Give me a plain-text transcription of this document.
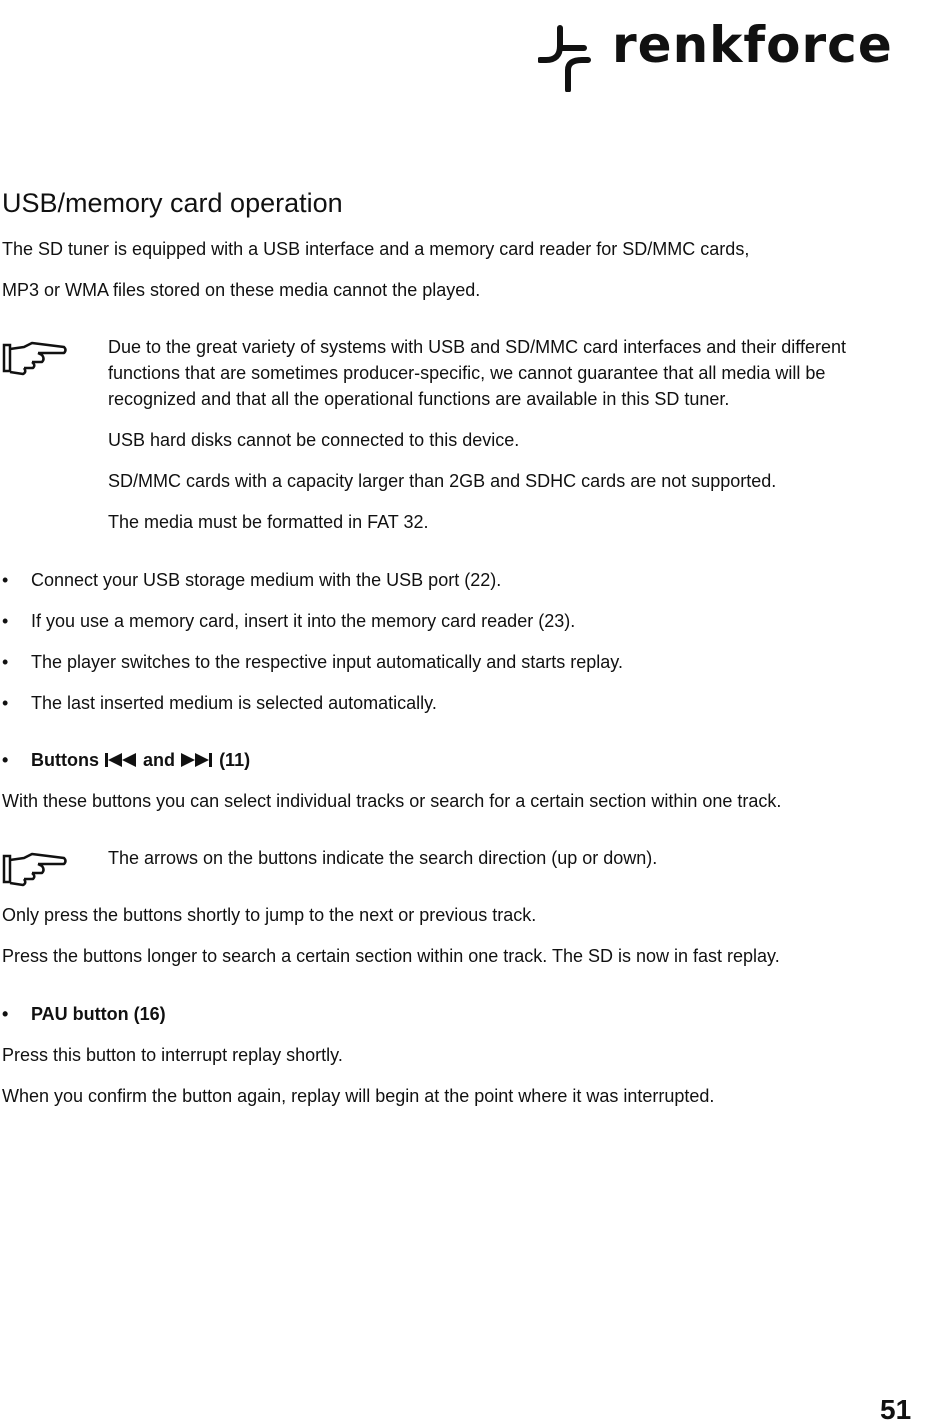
renkforce
USB/memory card operation
The SD tuner is equipped with a USB interface and a memory card reader for SD/MMC cards,
MP3 or WMA files stored on these media cannot the played.
Due to the great variety of systems with USB and SD/MMC card interfaces and their different functions that are sometimes producer-specific, we cannot guarantee that all media will be recognized and that all the operational functions are available in this SD tuner.
USB hard disks cannot be connected to this device.
SD/MMC cards with a capacity larger than 2GB and SDHC cards are not supported.
The media must be formatted in FAT 32.
• Connect your USB storage medium with the USB port (22).
• If you use a memory card, insert it into the memory card reader (23).
• The player switches to the respective input automatically and starts replay.
• The last inserted medium is selected automatically.
• Buttons and (11)
With these buttons you can select individual tracks or search for a certain section within one track.
The arrows on the buttons indicate the search direction (up or down).
Only press the buttons shortly to jump to the next or previous track.
Press the buttons longer to search a certain section within one track. The SD is now in fast replay.
• PAU button (16)
Press this button to interrupt replay shortly.
When you confirm the button again, replay will begin at the point where it was interrupted.
51
